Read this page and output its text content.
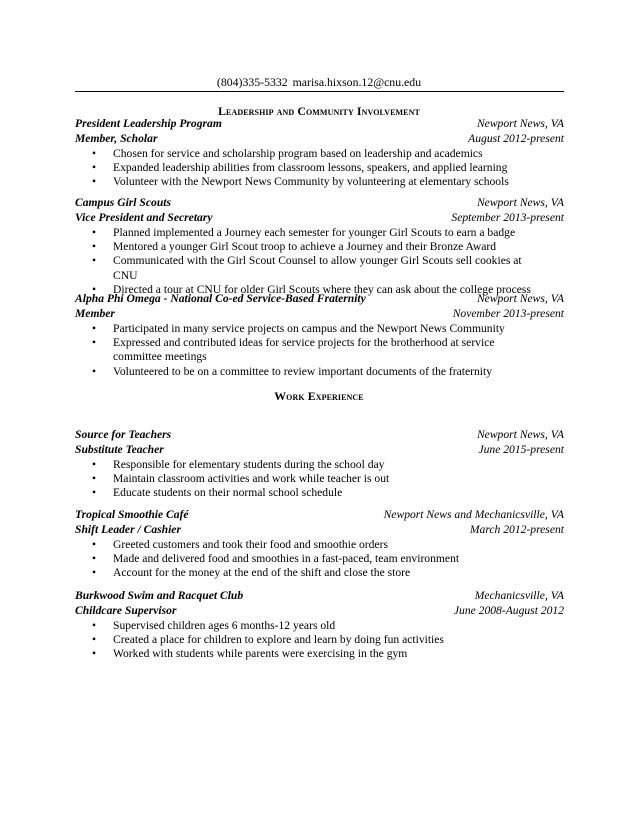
(804)335-5332 marisa.hixson.12@cnu.edu
Leadership and Community Involvement
President Leadership Program	Newport News, VA
Member, Scholar	August 2012-present
• Chosen for service and scholarship program based on leadership and academics
• Expanded leadership abilities from classroom lessons, speakers, and applied learning
• Volunteer with the Newport News Community by volunteering at elementary schools
Campus Girl Scouts	Newport News, VA
Vice President and Secretary	September 2013-present
• Planned implemented a Journey each semester for younger Girl Scouts to earn a badge
• Mentored a younger Girl Scout troop to achieve a Journey and their Bronze Award
• Communicated with the Girl Scout Counsel to allow younger Girl Scouts sell cookies at CNU
• Directed a tour at CNU for older Girl Scouts where they can ask about the college process
Alpha Phi Omega - National Co-ed Service-Based Fraternity	Newport News, VA
Member	November 2013-present
• Participated in many service projects on campus and the Newport News Community
• Expressed and contributed ideas for service projects for the brotherhood at service committee meetings
• Volunteered to be on a committee to review important documents of the fraternity
Work Experience
Source for Teachers	Newport News, VA
Substitute Teacher	June 2015-present
• Responsible for elementary students during the school day
• Maintain classroom activities and work while teacher is out
• Educate students on their normal school schedule
Tropical Smoothie Café	Newport News and Mechanicsville, VA
Shift Leader / Cashier	March 2012-present
• Greeted customers and took their food and smoothie orders
• Made and delivered food and smoothies in a fast-paced, team environment
• Account for the money at the end of the shift and close the store
Burkwood Swim and Racquet Club	Mechanicsville, VA
Childcare Supervisor	June 2008-August 2012
• Supervised children ages 6 months-12 years old
• Created a place for children to explore and learn by doing fun activities
• Worked with students while parents were exercising in the gym
